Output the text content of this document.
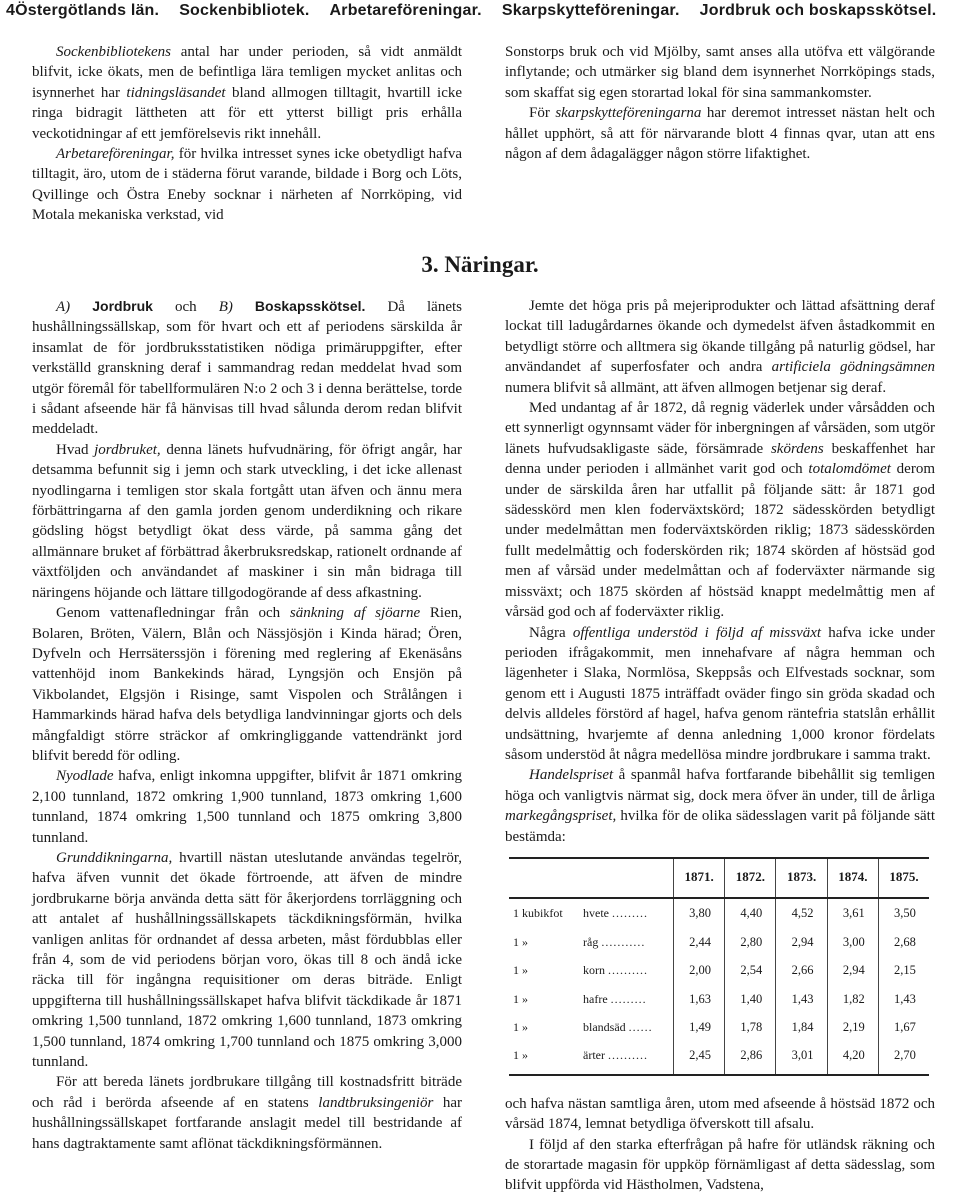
4 Östergötlands län. Sockenbibliotek. Arbetareföreningar. Skarpskytteföreningar. Jordbruk och boskapsskötsel.

Sockenbibliotekens antal har under perioden, så vidt anmäldt blifvit, icke ökats, men de befintliga lära temligen mycket anlitas och isynnerhet har tidningsläsandet bland allmogen tilltagit, hvartill icke ringa bidragit lättheten att för ett ytterst billigt pris erhålla veckotidningar af ett jemförelsevis rikt innehåll.

Arbetareföreningar, för hvilka intresset synes icke obetydligt hafva tilltagit, äro, utom de i städerna förut varande, bildade i Borg och Löts, Qvillinge och Östra Eneby socknar i närheten af Norrköping, vid Motala mekaniska verkstad, vid

Sonstorps bruk och vid Mjölby, samt anses alla utöfva ett välgörande inflytande; och utmärker sig bland dem isynnerhet Norrköpings stads, som skaffat sig egen storartad lokal för sina sammankomster.

För skarpskytteföreningarna har deremot intresset nästan helt och hållet upphört, så att för närvarande blott 4 finnas qvar, utan att ens någon af dem ådagalägger någon större lifaktighet.

3. Näringar.

A) Jordbruk och B) Boskapsskötsel. Då länets hushållningssällskap, som för hvart och ett af periodens särskilda år insamlat de för jordbruksstatistiken nödiga primäruppgifter, efter verkställd granskning deraf i sammandrag redan meddelat hvad som utgör föremål för tabellformulären N:o 2 och 3 i denna berättelse, torde i sådant afseende här få hänvisas till hvad sålunda derom redan blifvit meddeladt.

Hvad jordbruket, denna länets hufvudnäring, för öfrigt angår, har detsamma befunnit sig i jemn och stark utveckling, i det icke allenast nyodlingarna i temligen stor skala fortgått utan äfven och ännu mera förbättringarna af den gamla jorden genom underdikning och rikare gödsling högst betydligt ökat dess värde, på samma gång det allmännare bruket af förbättrad åkerbruksredskap, rationelt ordnande af växtföljden och användandet af maskiner i sin mån bidraga till näringens höjande och lättare tillgodogörande af dess afkastning.

Genom vattenafledningar från och sänkning af sjöarne Rien, Bolaren, Bröten, Välern, Blån och Nässjösjön i Kinda härad; Ören, Dyfveln och Herrsäterssjön i förening med reglering af Ekenäsåns vattenhöjd inom Bankekinds härad, Lyngsjön och Ensjön på Vikbolandet, Elgsjön i Risinge, samt Vispolen och Strålången i Hammarkinds härad hafva dels betydliga landvinningar gjorts och dels mångfaldigt större sträckor af omkringliggande vattendränkt jord blifvit beredd för odling.

Nyodlade hafva, enligt inkomna uppgifter, blifvit år 1871 omkring 2,100 tunnland, 1872 omkring 1,900 tunnland, 1873 omkring 1,600 tunnland, 1874 omkring 1,500 tunnland och 1875 omkring 3,800 tunnland.

Grunddikningarna, hvartill nästan uteslutande användas tegelrör, hafva äfven vunnit det ökade förtroende, att äfven de mindre jordbrukarne börja använda detta sätt för åkerjordens torrläggning och att antalet af hushållningssällskapets täckdikningsförmän, hvilka vanligen anlitas för ordnandet af dessa arbeten, måst fördubblas eller från 4, som de vid periodens början voro, ökas till 8 och ändå icke räcka till för ingångna requisitioner om deras biträde. Enligt uppgifterna till hushållningssällskapet hafva blifvit täckdikade år 1871 omkring 1,500 tunnland, 1872 omkring 1,600 tunnland, 1873 omkring 1,500 tunnland, 1874 omkring 1,700 tunnland och 1875 omkring 3,000 tunnland.

För att bereda länets jordbrukare tillgång till kostnadsfritt biträde och råd i berörda afseende af en statens landtbruksingeniör har hushållningssällskapet fortfarande anslagit medel till bestridande af hans dagtraktamente samt aflönat täckdikningsförmännen.

Jemte det höga pris på mejeriprodukter och lättad afsättning deraf lockat till ladugårdarnes ökande och dymedelst äfven åstadkommit en betydligt större och alltmera sig ökande tillgång på naturlig gödsel, har användandet af superfosfater och andra artificiela gödningsämnen numera blifvit så allmänt, att äfven allmogen betjenar sig deraf.

Med undantag af år 1872, då regnig väderlek under vårsådden och ett synnerligt ogynnsamt väder för inbergningen af vårsäden, som utgör länets hufvudsakligaste säde, försämrade skördens beskaffenhet har denna under perioden i allmänhet varit god och totalomdömet derom under de särskilda åren har utfallit på följande sätt: år 1871 god sädesskörd men klen foderväxtskörd; 1872 sädesskörden betydligt under medelmåttan men foderväxtskörden riklig; 1873 sädesskörden fullt medelmåttig och foderskörden rik; 1874 skörden af höstsäd god men af vårsäd under medelmåttan och af foderväxter närmande sig missväxt; och 1875 skörden af höstsäd knappt medelmåttig men af vårsäd god och af foderväxter riklig.

Några offentliga understöd i följd af missväxt hafva icke under perioden ifrågakommit, men innehafvare af några hemman och lägenheter i Slaka, Normlösa, Skeppsås och Elfvestads socknar, som genom ett i Augusti 1875 inträffadt oväder fingo sin gröda skadad och delvis alldeles förstörd af hagel, hafva genom räntefria statslån erhållit undsättning, hvarjemte af denna anledning 1,000 kronor fördelats såsom understöd åt några medellösa mindre jordbrukare i samma trakt.

Handelspriset å spanmål hafva fortfarande bibehållit sig temligen höga och vanligtvis närmat sig, dock mera öfver än under, till de årliga markegångspriset, hvilka för de olika sädesslagen varit på följande sätt bestämda:

	1871.	1872.	1873.	1874.	1875.
1 kubikfot hvete .........	3,80	4,40	4,52	3,61	3,50
1 » råg ...........	2,44	2,80	2,94	3,00	2,68
1 » korn ..........	2,00	2,54	2,66	2,94	2,15
1 » hafre .........	1,63	1,40	1,43	1,82	1,43
1 » blandsäd ......	1,49	1,78	1,84	2,19	1,67
1 » ärter ..........	2,45	2,86	3,01	4,20	2,70

och hafva nästan samtliga åren, utom med afseende å höstsäd 1872 och vårsäd 1874, lemnat betydliga öfverskott till afsalu.

I följd af den starka efterfrågan på hafre för utländsk räkning och de storartade magasin för uppköp förnämligast af detta sädesslag, som blifvit uppförda vid Hästholmen, Vadstena,
